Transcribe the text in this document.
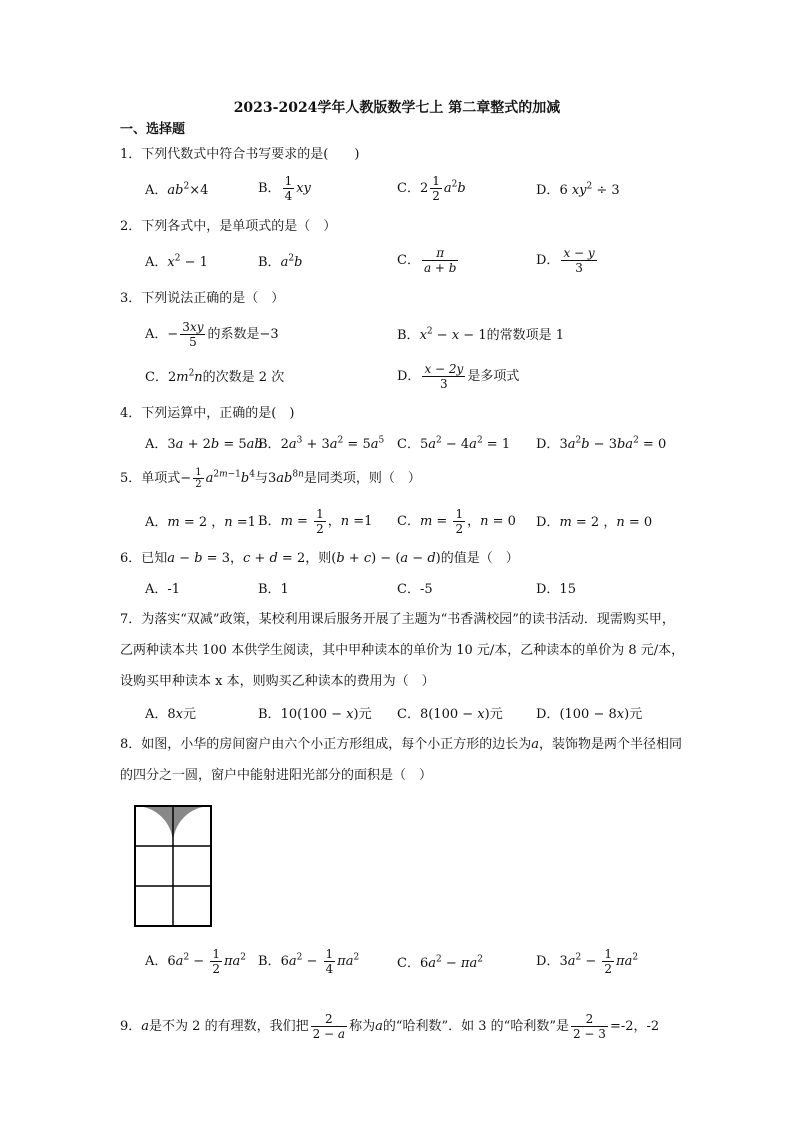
2023-2024学年人教版数学七上 第二章整式的加减
一、选择题
1．下列代数式中符合书写要求的是(　　)
A．$ab^2\times 4$	B． $\frac{1}{4}$ xy	C．$2 \frac{1}{2} a^2b$	D．6 $xy^2 \div 3$
2．下列各式中，是单项式的是（　）
A．$x^2 - 1$	B．$a^2b$	C． $\frac{\pi}{a + b}$	D． $\frac{x - y}{3}$
3．下列说法正确的是（　）
A．− $\frac{3xy}{5}$ 的系数是−3	B．$x^2 - x - 1$的常数项是 1
C．$2m^2n$的次数是 2 次	D． $\frac{x - 2y}{3}$ 是多项式
4．下列运算中，正确的是(　)
A．3a + 2b = 5ab
B．$2a^3 + 3a^2 = 5a^5$ C．$5a^2 - 4a^2 = 1$ D．$3a^2b - 3ba^2 = 0$
5．单项式− $\frac{1}{2} a^{2m-1}b^4$与$3ab^{8n}$是同类项，则（　）
A．m = 2 ，n =1 B．$m = \frac{1}{2}$ ，n =1 C．$m = \frac{1}{2}$ ，n = 0 D．m = 2 ，n = 0
6．已知a − b = 3，c + d = 2，则(b + c) − (a − d)的值是（　）
A．-1	B．1	C．-5	D．15
7．为落实“双减”政策，某校利用课后服务开展了主题为“书香满校园”的读书活动．现需购买甲，乙两种读本共 100 本供学生阅读，其中甲种读本的单价为 10 元/本，乙种读本的单价为 8 元/本，设购买甲种读本 x 本，则购买乙种读本的费用为（　）
A．8x元	B．10(100 − x)元 C．8(100 − x)元	D．(100 − 8x)元
8．如图，小华的房间窗户由六个小正方形组成，每个小正方形的边长为a，装饰物是两个半径相同的四分之一圆，窗户中能射进阳光部分的面积是（　）
A．$6a^2 - \frac{1}{2} \pi a^2$ B．$6a^2 - \frac{1}{4} \pi a^2$	C．$6a^2 - \pi a^2$	D．$3a^2 - \frac{1}{2} \pi a^2$
9．a是不为 2 的有理数，我们把 $\frac{2}{2 - a}$ 称为a的“哈利数”．如 3 的“哈利数”是 $\frac{2}{2 - 3} =-2$，-2
